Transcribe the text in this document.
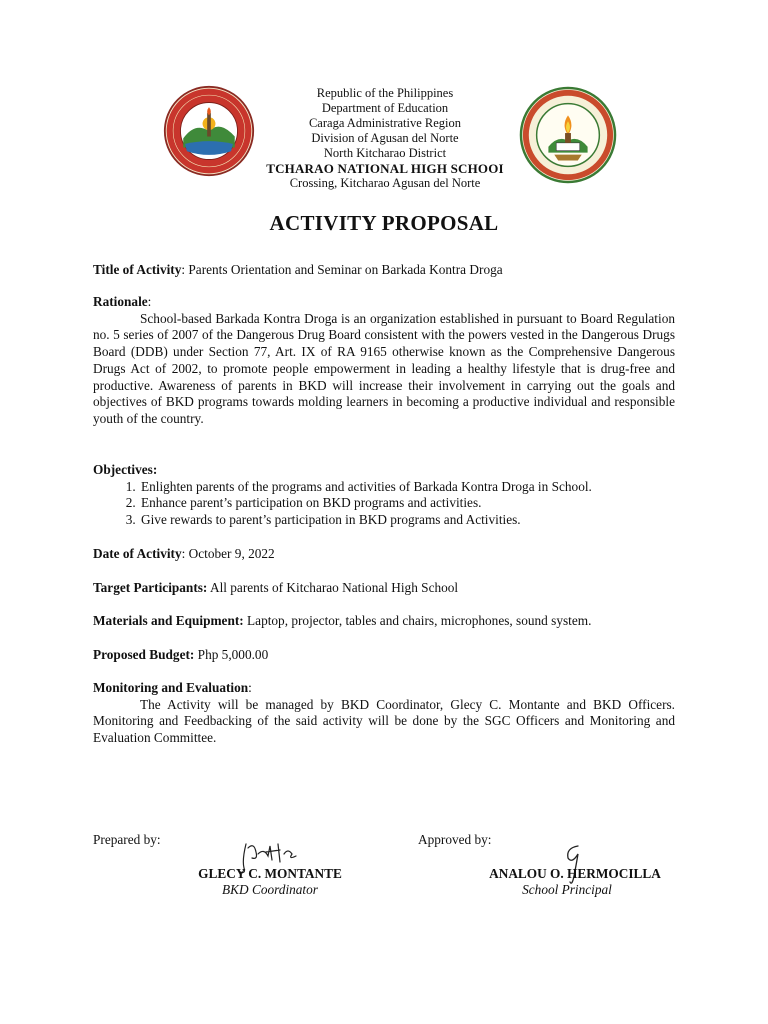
Republic of the Philippines
Department of Education
Caraga Administrative Region
Division of Agusan del Norte
North Kitcharao District
TCHARAO NATIONAL HIGH SCHOOI
Crossing, Kitcharao Agusan del Norte
ACTIVITY PROPOSAL
Title of Activity: Parents Orientation and Seminar on Barkada Kontra Droga
Rationale:
School-based Barkada Kontra Droga is an organization established in pursuant to Board Regulation no. 5 series of 2007 of the Dangerous Drug Board consistent with the powers vested in the Dangerous Drugs Board (DDB) under Section 77, Art. IX of RA 9165 otherwise known as the Comprehensive Dangerous Drugs Act of 2002, to promote people empowerment in leading a healthy lifestyle that is drug-free and productive. Awareness of parents in BKD will increase their involvement in carrying out the goals and objectives of BKD programs towards molding learners in becoming a productive individual and responsible youth of the country.
Objectives:
1. Enlighten parents of the programs and activities of Barkada Kontra Droga in School.
2. Enhance parent’s participation on BKD programs and activities.
3. Give rewards to parent’s participation in BKD programs and Activities.
Date of Activity: October 9, 2022
Target Participants: All parents of Kitcharao National High School
Materials and Equipment: Laptop, projector, tables and chairs, microphones, sound system.
Proposed Budget: Php 5,000.00
Monitoring and Evaluation:
The Activity will be managed by BKD Coordinator, Glecy C. Montante and BKD Officers. Monitoring and Feedbacking of the said activity will be done by the SGC Officers and Monitoring and Evaluation Committee.
Prepared by:	Approved by:
GLECY C. MONTANTE
BKD Coordinator
ANALOU O. HERMOCILLA
School Principal
